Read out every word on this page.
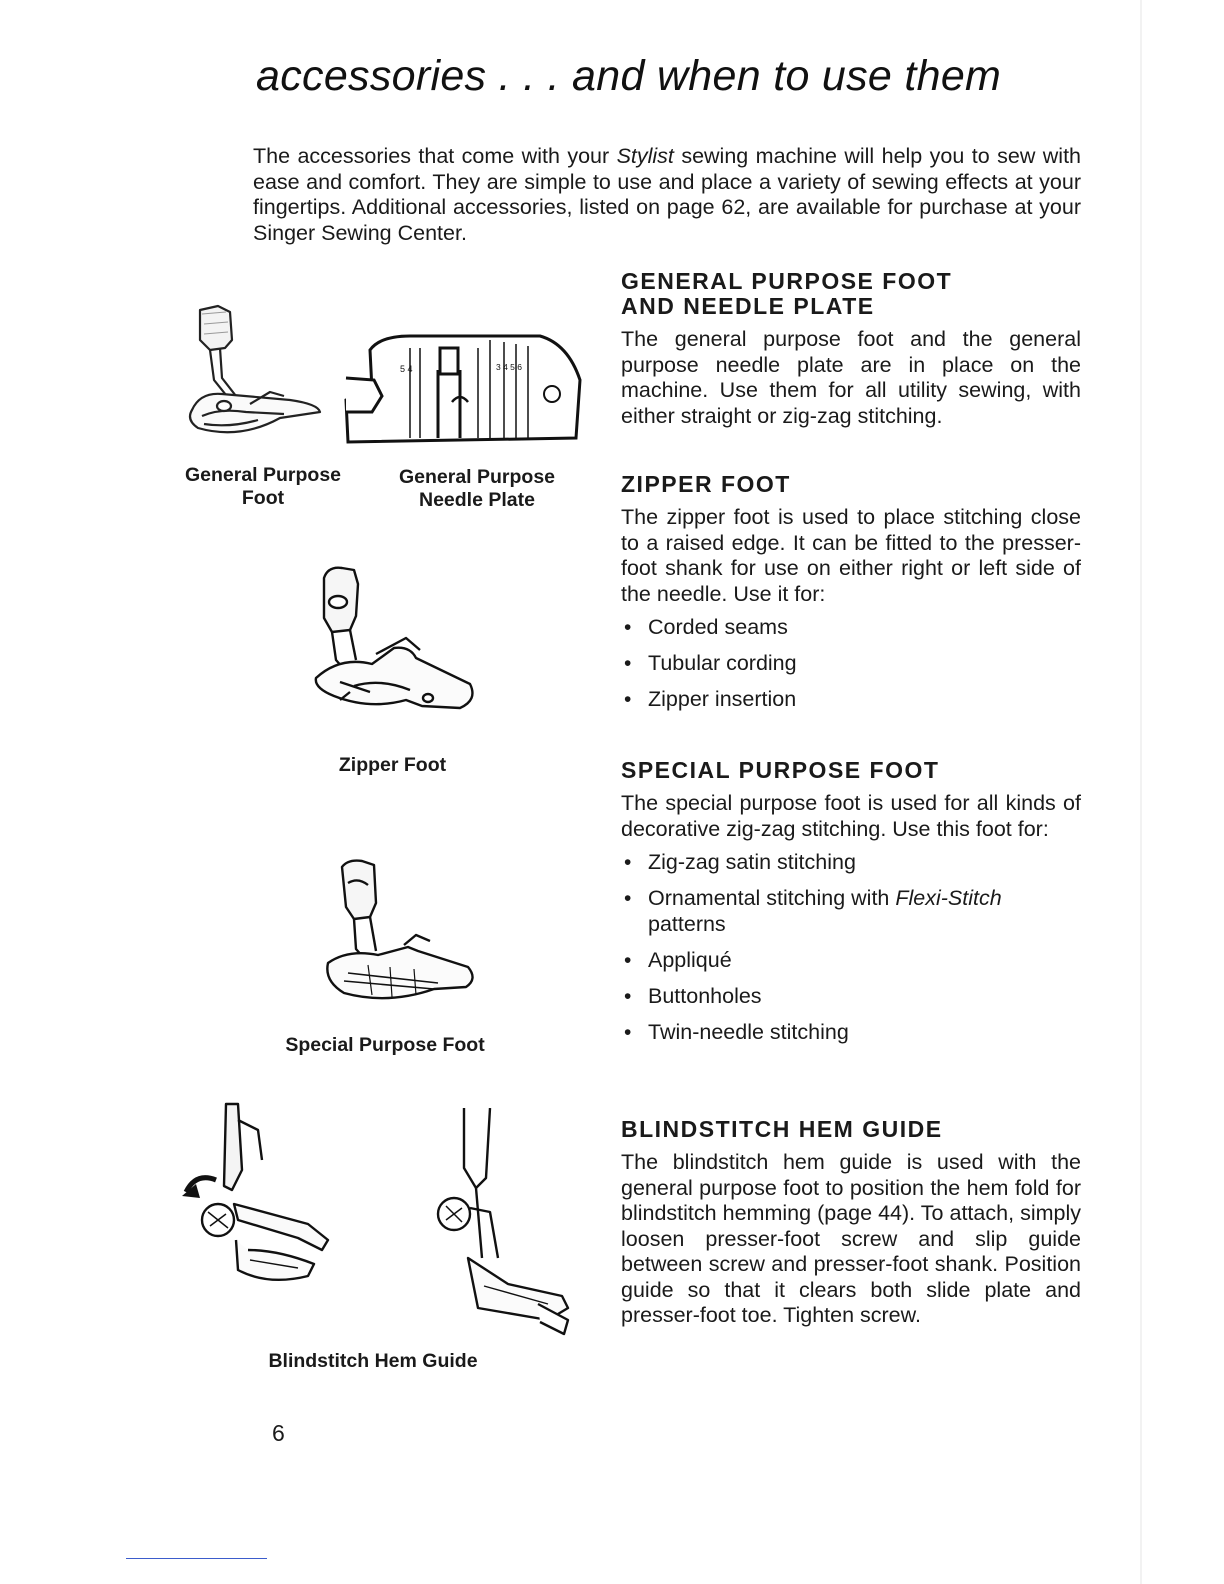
accessories . . . and when to use them

The accessories that come with your Stylist sewing machine will help you to sew with ease and comfort. They are simple to use and place a variety of sewing effects at your fingertips. Additional accessories, listed on page 62, are available for purchase at your Singer Sewing Center.

5 4	3 4 5 6
General Purpose
Foot
General Purpose
Needle Plate
Zipper Foot
Special Purpose Foot
Blindstitch Hem Guide
GENERAL PURPOSE FOOT
AND NEEDLE PLATE

The general purpose foot and the general purpose needle plate are in place on the machine. Use them for all utility sewing, with either straight or zig-zag stitching.

ZIPPER FOOT

The zipper foot is used to place stitching close to a raised edge. It can be fitted to the presser-foot shank for use on either right or left side of the needle. Use it for:

• Corded seams
• Tubular cording
• Zipper insertion
SPECIAL PURPOSE FOOT

The special purpose foot is used for all kinds of decorative zig-zag stitching. Use this foot for:

• Zig-zag satin stitching
• Ornamental stitching with Flexi-Stitch patterns
• Appliqué
• Buttonholes
• Twin-needle stitching
BLINDSTITCH HEM GUIDE

The blindstitch hem guide is used with the general purpose foot to position the hem fold for blindstitch hemming (page 44). To attach, simply loosen presser-foot screw and slip guide between screw and presser-foot shank. Position guide so that it clears both slide plate and presser-foot toe. Tighten screw.

6
